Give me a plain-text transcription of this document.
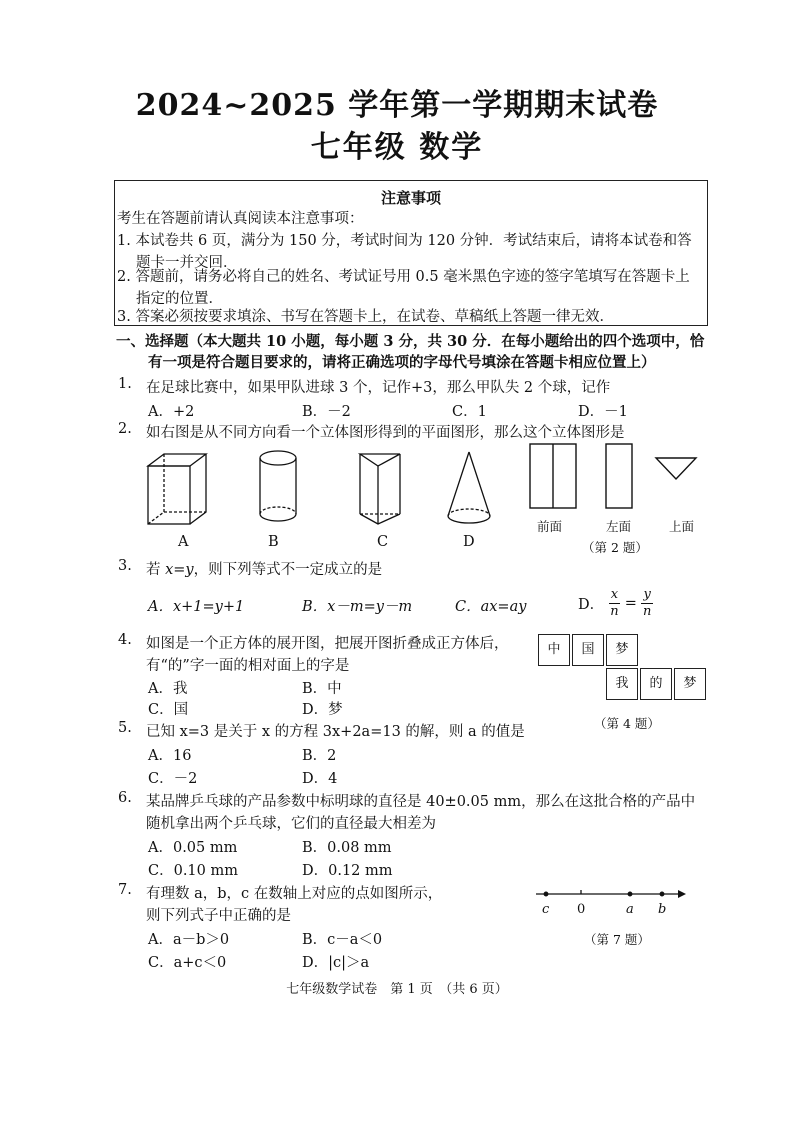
2024~2025 学年第一学期期末试卷
七年级 数学
注意事项
考生在答题前请认真阅读本注意事项：
1. 本试卷共 6 页，满分为 150 分，考试时间为 120 分钟．考试结束后，请将本试卷和答
题卡一并交回．
2. 答题前，请务必将自己的姓名、考试证号用 0.5 毫米黑色字迹的签字笔填写在答题卡上
指定的位置．
3. 答案必须按要求填涂、书写在答题卡上，在试卷、草稿纸上答题一律无效．
一、选择题（本大题共 10 小题，每小题 3 分，共 30 分．在每小题给出的四个选项中，恰
有一项是符合题目要求的，请将正确选项的字母代号填涂在答题卡相应位置上）
1. 在足球比赛中，如果甲队进球 3 个，记作+3，那么甲队失 2 个球，记作
A．+2	B．－2	C．1	D．－1
2. 如右图是从不同方向看一个立体图形得到的平面图形，那么这个立体图形是
A	B	C	D
前面	左面	上面
（第 2 题）
3. 若 x=y，则下列等式不一定成立的是
A．x+1=y+1	B．x－m=y－m	C．ax=ay	D． $\frac{x}{n} = \frac{y}{n}$
4. 如图是一个正方体的展开图，把展开图折叠成正方体后，
有“的”字一面的相对面上的字是
A．我	B．中
C．国	D．梦
中	国	梦
我	的	梦
（第 4 题）
5. 已知 x=3 是关于 x 的方程 3x+2a=13 的解，则 a 的值是
A．16	B．2
C．－2	D．4
6. 某品牌乒乓球的产品参数中标明球的直径是 40±0.05 mm，那么在这批合格的产品中
随机拿出两个乒乓球，它们的直径最大相差为
A．0.05 mm	B．0.08 mm
C．0.10 mm	D．0.12 mm
7. 有理数 a，b，c 在数轴上对应的点如图所示，
则下列式子中正确的是
A．a－b＞0	B．c－a＜0
C．a+c＜0	D．|c|＞a
c 0	a b
（第 7 题）
七年级数学试卷　第 1 页　（共 6 页）
